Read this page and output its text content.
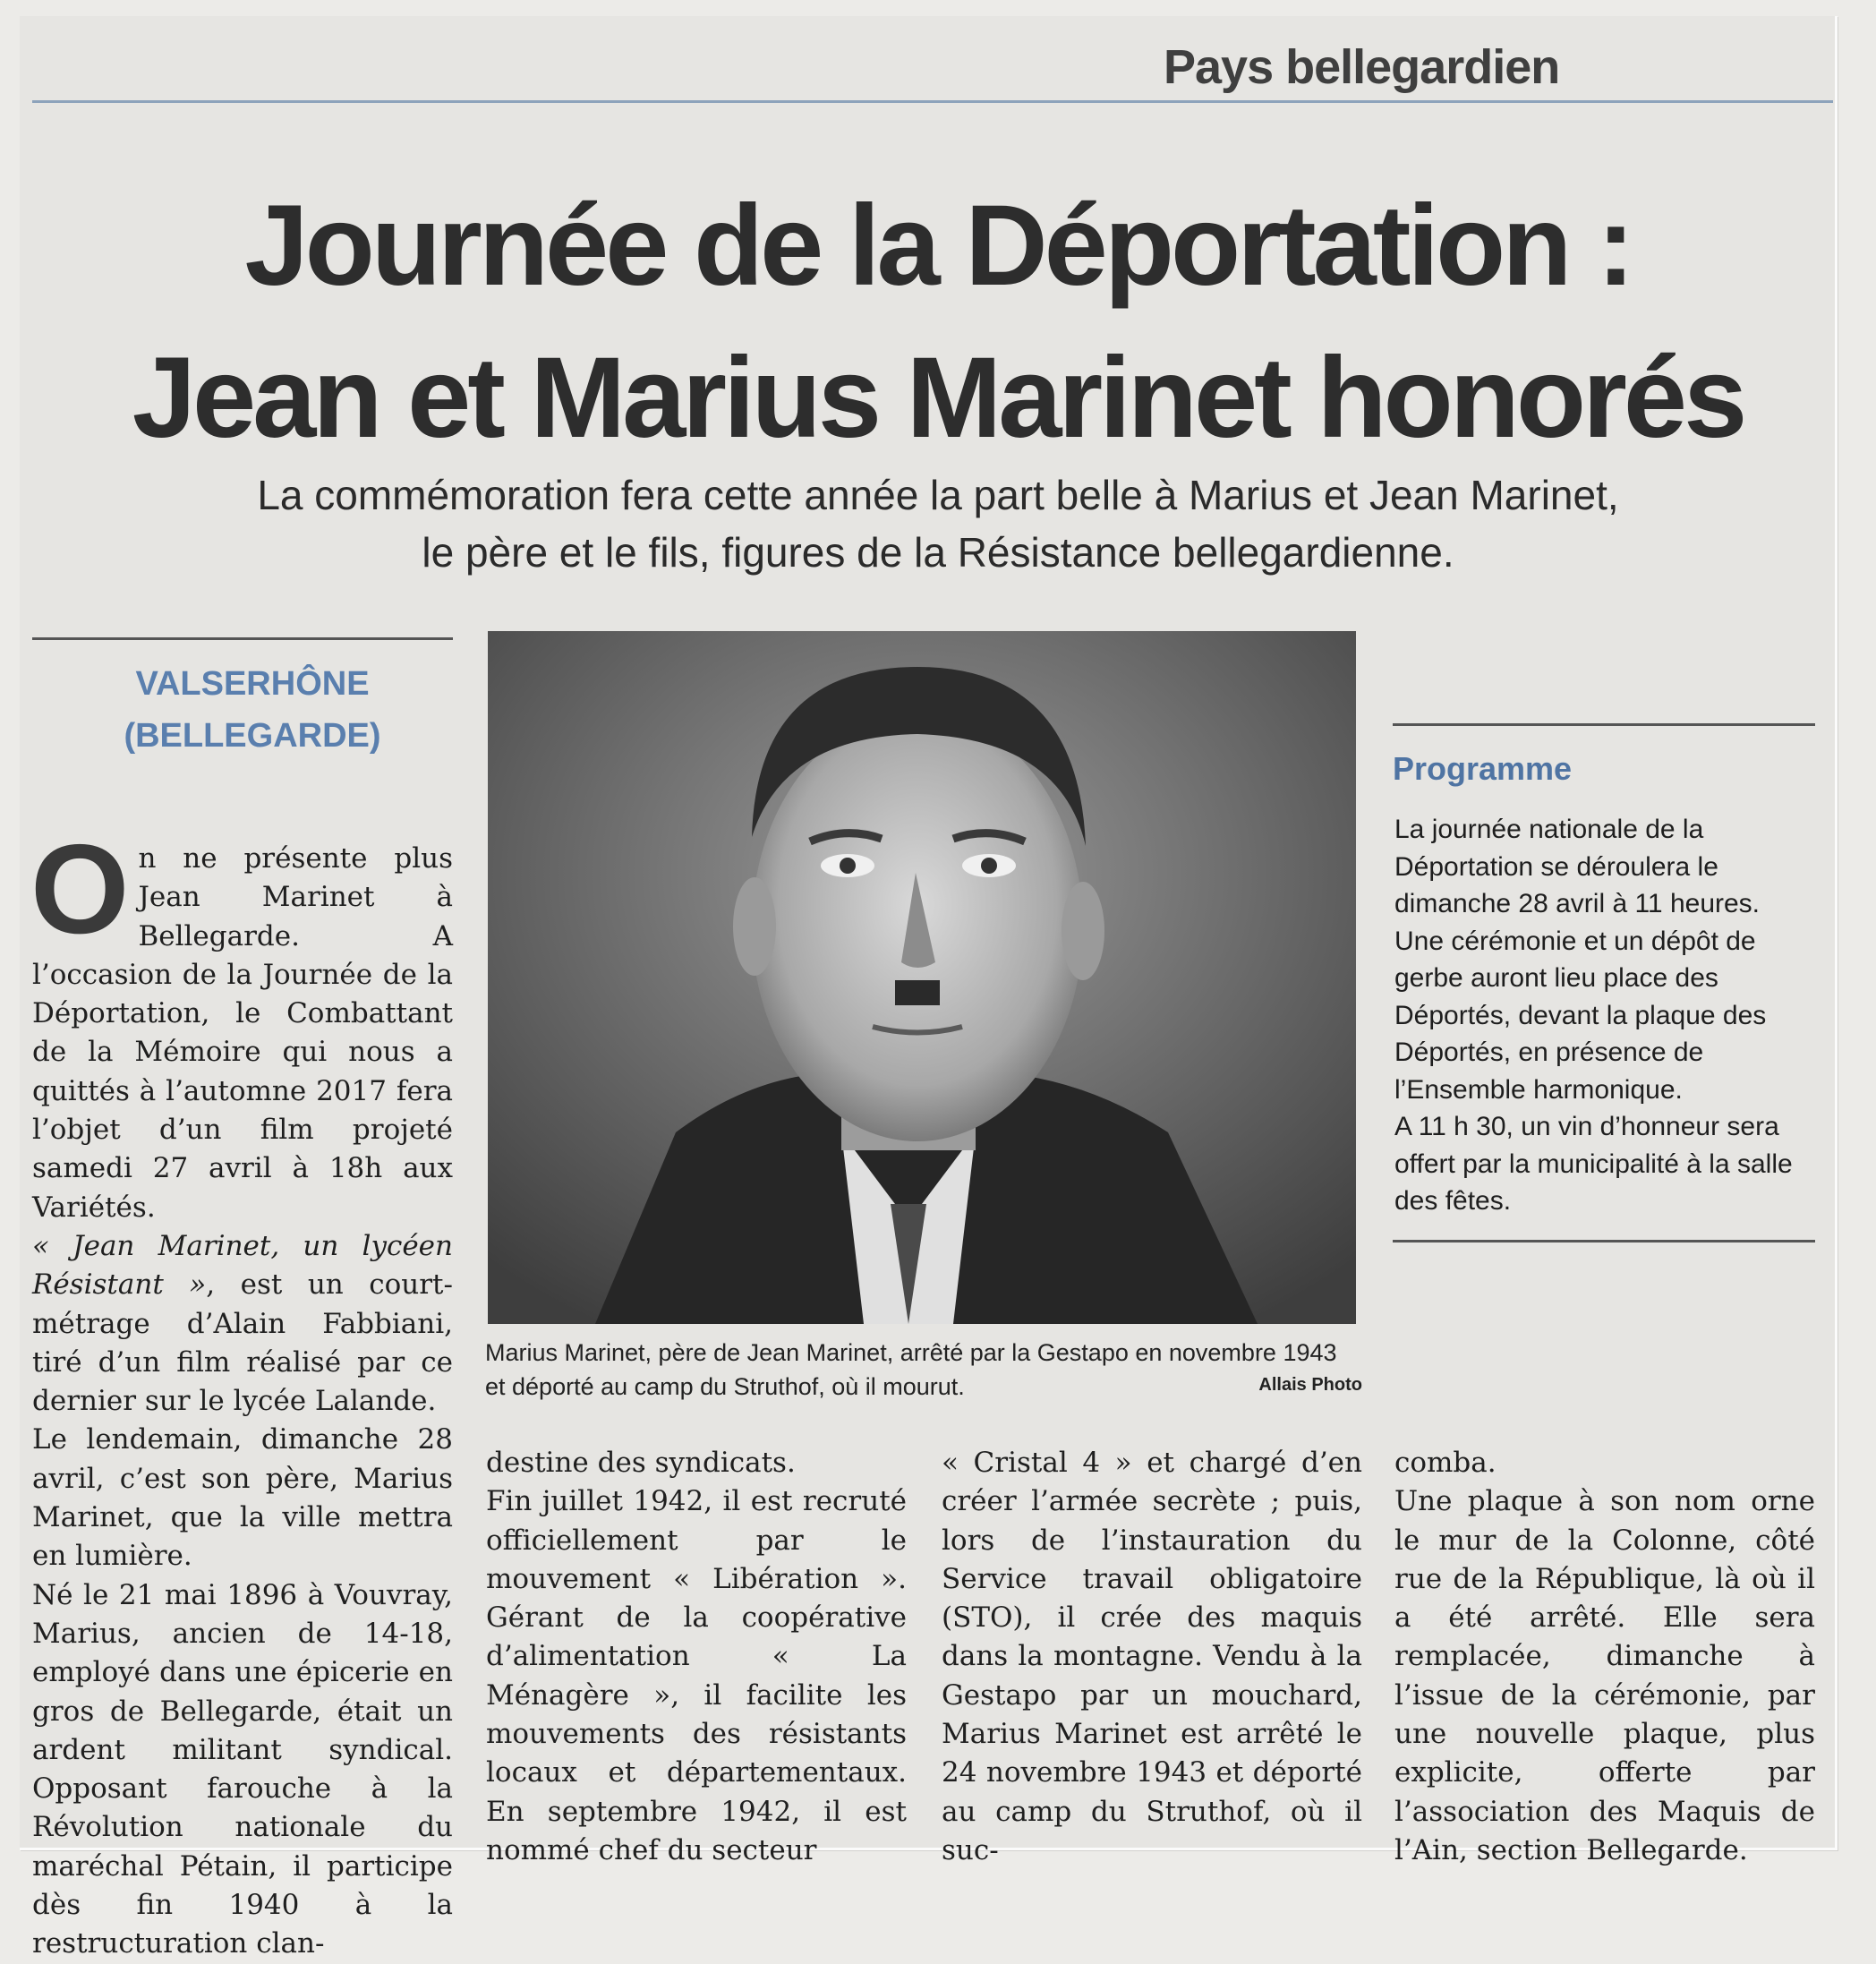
Pays bellegardien
Journée de la Déportation :
Jean et Marius Marinet honorés
La commémoration fera cette année la part belle à Marius et Jean Marinet,
le père et le fils, figures de la Résistance bellegardienne.
VALSERHÔNE
(BELLEGARDE)

On ne présente plus Jean Marinet à Bellegarde. A l’occasion de la Journée de la Déportation, le Combattant de la Mémoire qui nous a quittés à l’automne 2017 fera l’objet d’un film projeté samedi 27 avril à 18h aux Variétés.

« Jean Marinet, un lycéen Résistant », est un court-métrage d’Alain Fabbiani, tiré d’un film réalisé par ce dernier sur le lycée Lalande.

Le lendemain, dimanche 28 avril, c’est son père, Marius Marinet, que la ville mettra en lumière.

Né le 21 mai 1896 à Vouvray, Marius, ancien de 14-18, employé dans une épicerie en gros de Bellegarde, était un ardent militant syndical. Opposant farouche à la Révolution nationale du maréchal Pétain, il participe dès fin 1940 à la restructuration clan-

Marius Marinet, père de Jean Marinet, arrêté par la Gestapo en novembre 1943 et déporté au camp du Struthof, où il mourut.	Allais Photo

destine des syndicats.

Fin juillet 1942, il est recruté officiellement par le mouvement « Libération ». Gérant de la coopérative d’alimentation « La Ménagère », il facilite les mouvements des résistants locaux et départementaux. En septembre 1942, il est nommé chef du secteur

« Cristal 4 » et chargé d’en créer l’armée secrète ; puis, lors de l’instauration du Service travail obligatoire (STO), il crée des maquis dans la montagne. Vendu à la Gestapo par un mouchard, Marius Marinet est arrêté le 24 novembre 1943 et déporté au camp du Struthof, où il suc-

comba.

Une plaque à son nom orne le mur de la Colonne, côté rue de la République, là où il a été arrêté. Elle sera remplacée, dimanche à l’issue de la cérémonie, par une nouvelle plaque, plus explicite, offerte par l’association des Maquis de l’Ain, section Bellegarde.

Programme

La journée nationale de la Déportation se déroulera le dimanche 28 avril à 11 heures. Une cérémonie et un dépôt de gerbe auront lieu place des Déportés, devant la plaque des Déportés, en présence de l’Ensemble harmonique.

A 11 h 30, un vin d’honneur sera offert par la municipalité à la salle des fêtes.
